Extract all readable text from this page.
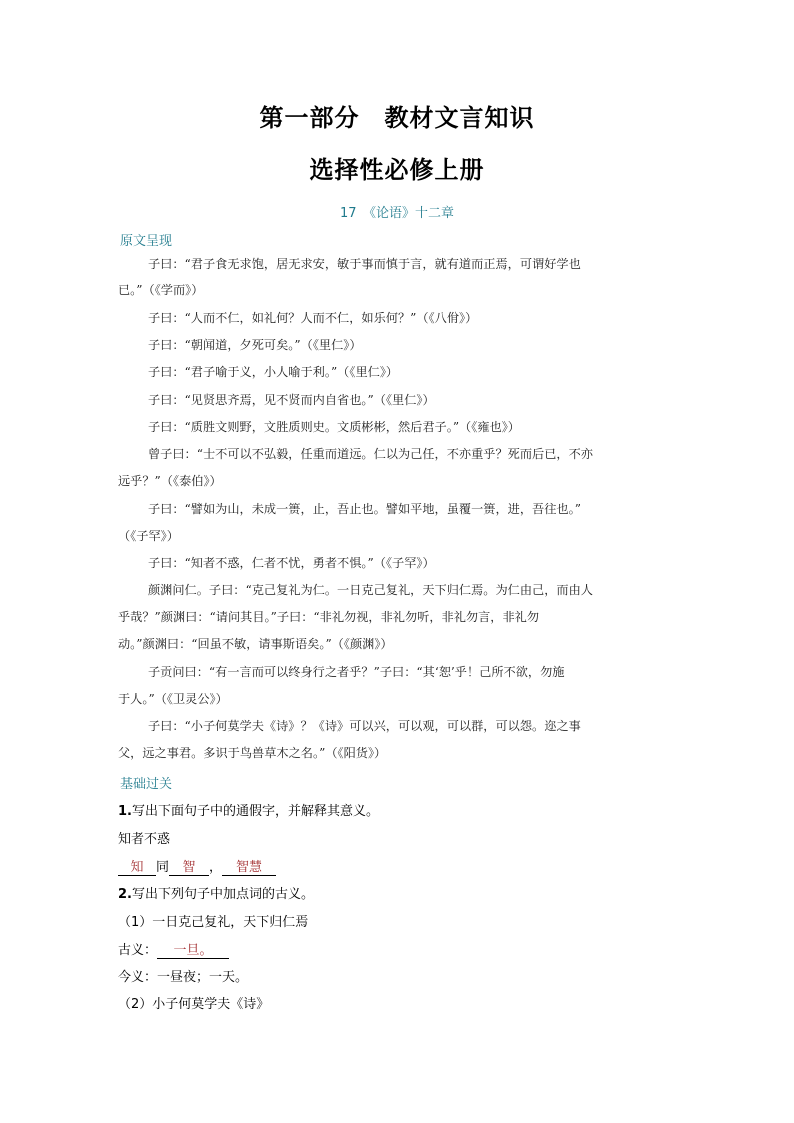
第一部分　教材文言知识
选择性必修上册
17　《论语》十二章
原文呈现
子曰：“君子食无求饱，居无求安，敏于事而慎于言，就有道而正焉，可谓好学也
已。”（《学而》）
子曰：“人而不仁，如礼何？人而不仁，如乐何？”（《八佾》）
子曰：“朝闻道，夕死可矣。”（《里仁》）
子曰：“君子喻于义，小人喻于利。”（《里仁》）
子曰：“见贤思齐焉，见不贤而内自省也。”（《里仁》）
子曰：“质胜文则野，文胜质则史。文质彬彬，然后君子。”（《雍也》）
曾子曰：“士不可以不弘毅，任重而道远。仁以为己任，不亦重乎？死而后已，不亦
远乎？”（《泰伯》）
子曰：“譬如为山，未成一篑，止，吾止也。譬如平地，虽覆一篑，进，吾往也。”
（《子罕》）
子曰：“知者不惑，仁者不忧，勇者不惧。”（《子罕》）
颜渊问仁。子曰：“克己复礼为仁。一日克己复礼，天下归仁焉。为仁由己，而由人
乎哉？”颜渊曰：“请问其目。”子曰：“非礼勿视，非礼勿听，非礼勿言，非礼勿
动。”颜渊曰：“回虽不敏，请事斯语矣。”（《颜渊》）
子贡问曰：“有一言而可以终身行之者乎？”子曰：“其‘恕’乎！己所不欲，勿施
于人。”（《卫灵公》）
子曰：“小子何莫学夫《诗》？《诗》可以兴，可以观，可以群，可以怨。迩之事
父，远之事君。多识于鸟兽草木之名。”（《阳货》）
基础过关
1.写出下面句子中的通假字，并解释其意义。
知者不惑
知 同 智 ， 智慧
2.写出下列句子中加点词的古义。
（1）一日克己复礼，天下归仁焉
古义： 一旦。
今义：一昼夜；一天。
（2）小子何莫学夫《诗》
